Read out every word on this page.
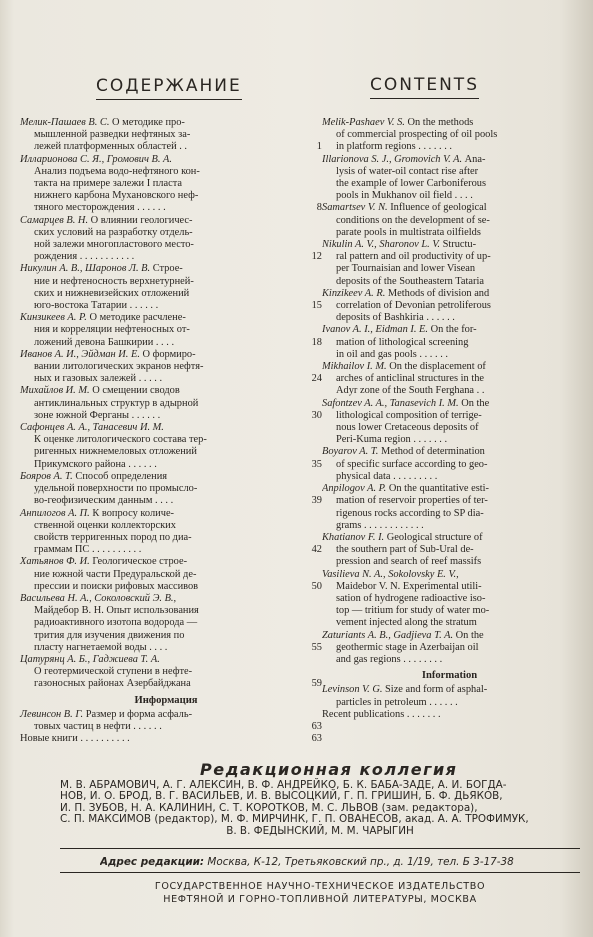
СОДЕРЖАНИЕ	CONTENTS
Мелик-Пашаев В. С. О методике про-
мышленной разведки нефтяных за-
лежей платформенных областей . .	1
Илларионова С. Я., Громович В. А.
Анализ подъема водо-нефтяного кон-
такта на примере залежи I пласта
нижнего карбона Мухановского неф-
тяного месторождения . . . . . .	8
Самарцев В. Н. О влиянии геологичес-
ских условий на разработку отдель-
ной залежи многопластового место-
рождения . . . . . . . . . . .	12
Никулин А. В., Шаронов Л. В. Строе-
ние и нефтеносность верхнетурней-
ских и нижневизейских отложений
юго-востока Татарии . . . . . .	15
Кинзикеев А. Р. О методике расчлене-
ния и корреляции нефтеносных от-
ложений девона Башкирии . . . .	18
Иванов А. И., Эйдман И. Е. О формиро-
вании литологических экранов нефтя-
ных и газовых залежей . . . . .	24
Михайлов И. М. О смещении сводов
антиклинальных структур в адырной
зоне южной Ферганы . . . . . .	30
Сафонцев А. А., Танасевич И. М.
К оценке литологического состава тер-
ригенных нижнемеловых отложений
Прикумского района . . . . . .	35
Бояров А. Т. Способ определения
удельной поверхности по промысло-
во-геофизическим данным . . . .	39
Анпилогов А. П. К вопросу количе-
ственной оценки коллекторских
свойств терригенных пород по диа-
граммам ПС . . . . . . . . . .	42
Хатьянов Ф. И. Геологическое строе-
ние южной части Предуральской де-
прессии и поиски рифовых массивов	50
Васильева Н. А., Соколовский Э. В.,
Майдебор В. Н. Опыт использования
радиоактивного изотопа водорода —
трития для изучения движения по
пласту нагнетаемой воды . . . .	55
Цатурянц А. Б., Гаджиева Т. А.
О геотермической ступени в нефте-
газоносных районах Азербайджана	59
Информация
Левинсон В. Г. Размер и форма асфаль-
товых частиц в нефти . . . . . .	63
Новые книги . . . . . . . . . .	63
Melik-Pashaev V. S. On the methods
of commercial prospecting of oil pools
in platform regions . . . . . . .
Illarionova S. J., Gromovich V. A. Ana-
lysis of water-oil contact rise after
the example of lower Carboniferous
pools in Mukhanov oil field . . . .
Samartsev V. N. Influence of geological
conditions on the development of se-
parate pools in multistrata oilfields
Nikulin A. V., Sharonov L. V. Structu-
ral pattern and oil productivity of up-
per Tournaisian and lower Visean
deposits of the Southeastern Tataria
Kinzikeev A. R. Methods of division and
correlation of Devonian petroliferous
deposits of Bashkiria . . . . . .
Ivanov A. I., Eidman I. E. On the for-
mation of lithological screening
in oil and gas pools . . . . . .
Mikhailov I. M. On the displacement of
arches of anticlinal structures in the
Adyr zone of the South Ferghana . .
Safontzev A. A., Tanasevich I. M. On the
lithological composition of terrige-
nous lower Cretaceous deposits of
Peri-Kuma region . . . . . . .
Boyarov A. T. Method of determination
of specific surface according to geo-
physical data . . . . . . . . .
Anpilogov A. P. On the quantitative esti-
mation of reservoir properties of ter-
rigenous rocks according to SP dia-
grams . . . . . . . . . . . .
Khatianov F. I. Geological structure of
the southern part of Sub-Ural de-
pression and search of reef massifs
Vasilieva N. A., Sokolovsky E. V.,
Maidebor V. N. Experimental utili-
sation of hydrogene radioactive iso-
top — tritium for study of water mo-
vement injected along the stratum
Zaturiants A. B., Gadjieva T. A. On the
geothermic stage in Azerbaijan oil
and gas regions . . . . . . . .
Information
Levinson V. G. Size and form of asphal-
particles in petroleum . . . . . .
Recent publications . . . . . . .
Редакционная коллегия
М. В. АБРАМОВИЧ, А. Г. АЛЕКСИН, В. Ф. АНДРЕЙКО, Б. К. БАБА-ЗАДЕ, А. И. БОГДА-
НОВ, И. О. БРОД, В. Г. ВАСИЛЬЕВ, И. В. ВЫСОЦКИЙ, Г. П. ГРИШИН, Б. Ф. ДЬЯКОВ,
И. П. ЗУБОВ, Н. А. КАЛИНИН, С. Т. КОРОТКОВ, М. С. ЛЬВОВ (зам. редактора),
С. П. МАКСИМОВ (редактор), М. Ф. МИРЧИНК, Г. П. ОВАНЕСОВ, акад. А. А. ТРОФИМУК,
В. В. ФЕДЫНСКИЙ, М. М. ЧАРЫГИН
Адрес редакции: Москва, К-12, Третьяковский пр., д. 1/19, тел. Б 3-17-38
ГОСУДАРСТВЕННОЕ НАУЧНО-ТЕХНИЧЕСКОЕ ИЗДАТЕЛЬСТВО
НЕФТЯНОЙ И ГОРНО-ТОПЛИВНОЙ ЛИТЕРАТУРЫ, МОСКВА
